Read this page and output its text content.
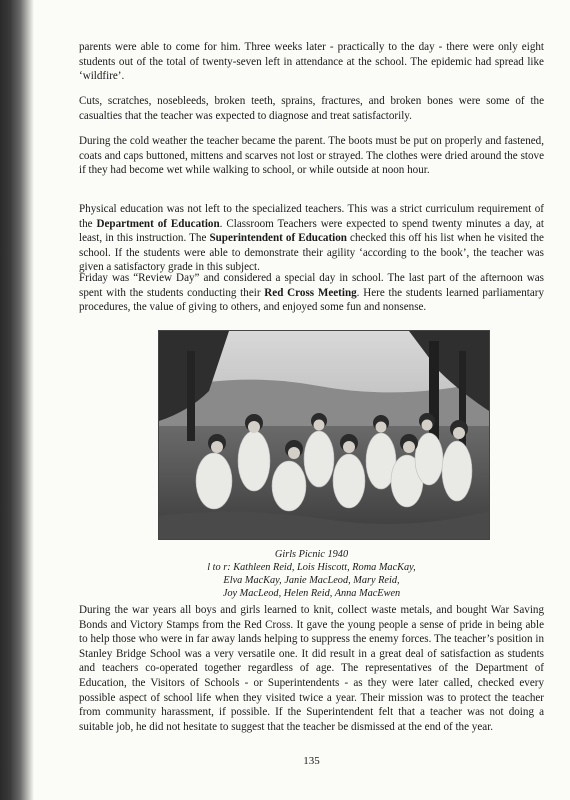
parents were able to come for him. Three weeks later - practically to the day - there were only eight students out of the total of twenty-seven left in attendance at the school. The epidemic had spread like ‘wildfire’.

Cuts, scratches, nosebleeds, broken teeth, sprains, fractures, and broken bones were some of the casualties that the teacher was expected to diagnose and treat satisfactorily.

During the cold weather the teacher became the parent. The boots must be put on properly and fastened, coats and caps buttoned, mittens and scarves not lost or strayed. The clothes were dried around the stove if they had become wet while walking to school, or while outside at noon hour.

Physical education was not left to the specialized teachers. This was a strict curriculum requirement of the Department of Education. Classroom Teachers were expected to spend twenty minutes a day, at least, in this instruction. The Superintendent of Education checked this off his list when he visited the school. If the students were able to demonstrate their agility ‘according to the book’, the teacher was given a satisfactory grade in this subject.

Friday was “Review Day” and considered a special day in school. The last part of the afternoon was spent with the students conducting their Red Cross Meeting. Here the students learned parliamentary procedures, the value of giving to others, and enjoyed some fun and nonsense.

During the war years all boys and girls learned to knit, collect waste metals, and bought War Saving Bonds and Victory Stamps from the Red Cross. It gave the young people a sense of pride in being able to help those who were in far away lands helping to suppress the enemy forces. The teacher’s position in Stanley Bridge School was a very versatile one. It did result in a great deal of satisfaction as students and teachers co-operated together regardless of age. The representatives of the Department of Education, the Visitors of Schools - or Superintendents - as they were later called, checked every possible aspect of school life when they visited twice a year. Their mission was to protect the teacher from community harassment, if possible. If the Superintendent felt that a teacher was not doing a suitable job, he did not hesitate to suggest that the teacher be dismissed at the end of the year.

Girls Picnic 1940
l to r: Kathleen Reid, Lois Hiscott, Roma MacKay,
Elva MacKay, Janie MacLeod, Mary Reid,
Joy MacLeod, Helen Reid, Anna MacEwen
135
